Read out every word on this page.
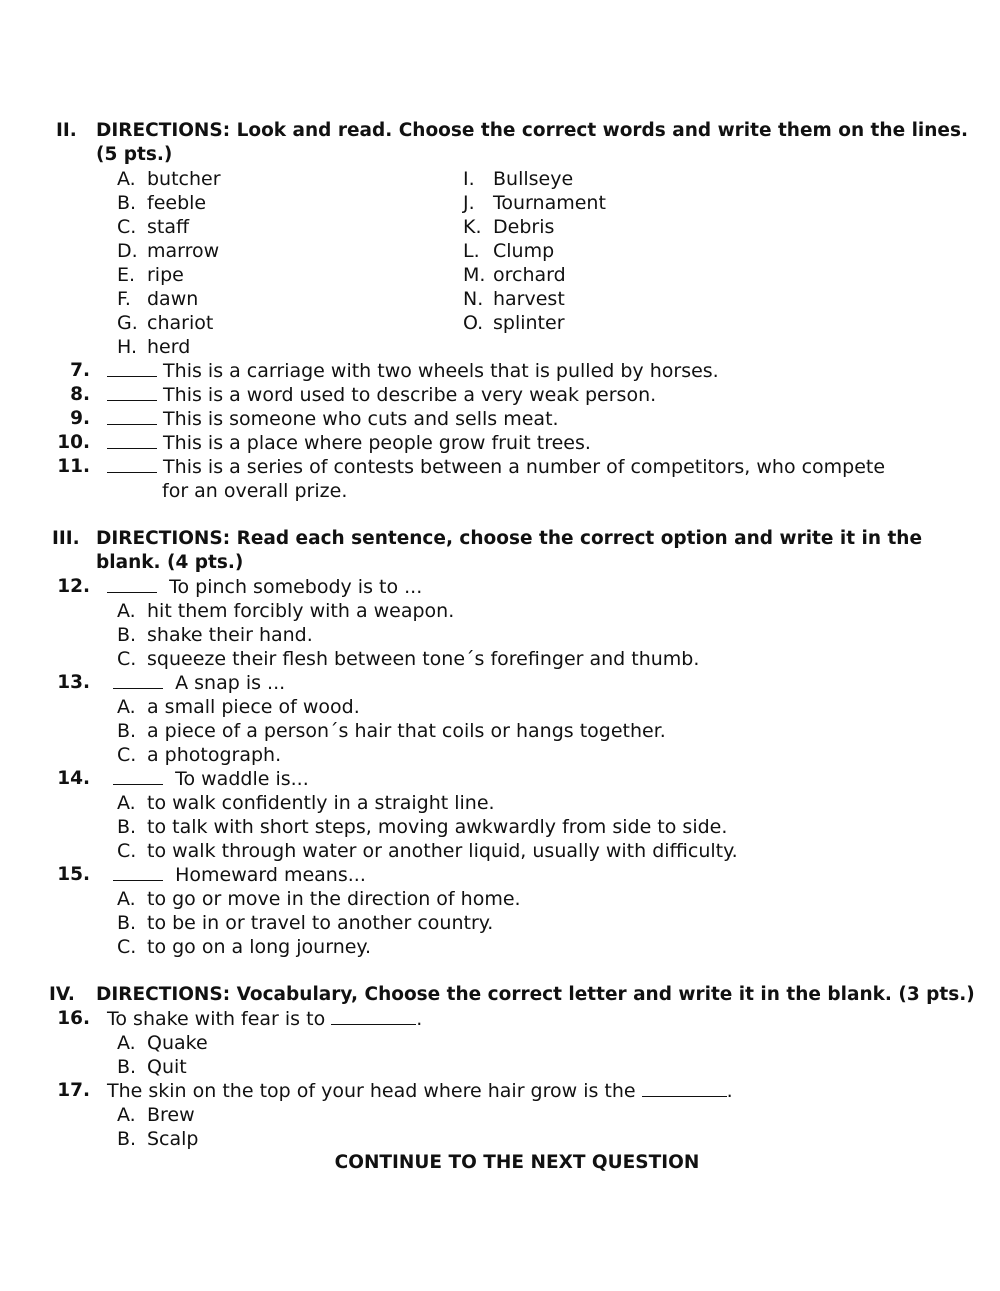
II. DIRECTIONS: Look and read. Choose the correct words and write them on the lines.
(5 pts.)
A. butcher
B. feeble
C. staff
D. marrow
E. ripe
F. dawn
G. chariot
H. herd
I. Bullseye
J. Tournament
K. Debris
L. Clump
M. orchard
N. harvest
O. splinter
7.	This is a carriage with two wheels that is pulled by horses.
8.	This is a word used to describe a very weak person.
9.	This is someone who cuts and sells meat.
10.	This is a place where people grow fruit trees.
11.	This is a series of contests between a number of competitors, who compete
for an overall prize.
III. DIRECTIONS: Read each sentence, choose the correct option and write it in the
blank. (4 pts.)
12.	To pinch somebody is to ...
A. hit them forcibly with a weapon.
B. shake their hand.
C. squeeze their flesh between tone´s forefinger and thumb.
13.	A snap is ...
A. a small piece of wood.
B. a piece of a person´s hair that coils or hangs together.
C. a photograph.
14.	To waddle is...
A. to walk confidently in a straight line.
B. to talk with short steps, moving awkwardly from side to side.
C. to walk through water or another liquid, usually with difficulty.
15.	Homeward means...
A. to go or move in the direction of home.
B. to be in or travel to another country.
C. to go on a long journey.
IV. DIRECTIONS: Vocabulary, Choose the correct letter and write it in the blank. (3 pts.)
16. To shake with fear is to	.
A. Quake
B. Quit
17. The skin on the top of your head where hair grow is the	.
A. Brew
B. Scalp
CONTINUE TO THE NEXT QUESTION
